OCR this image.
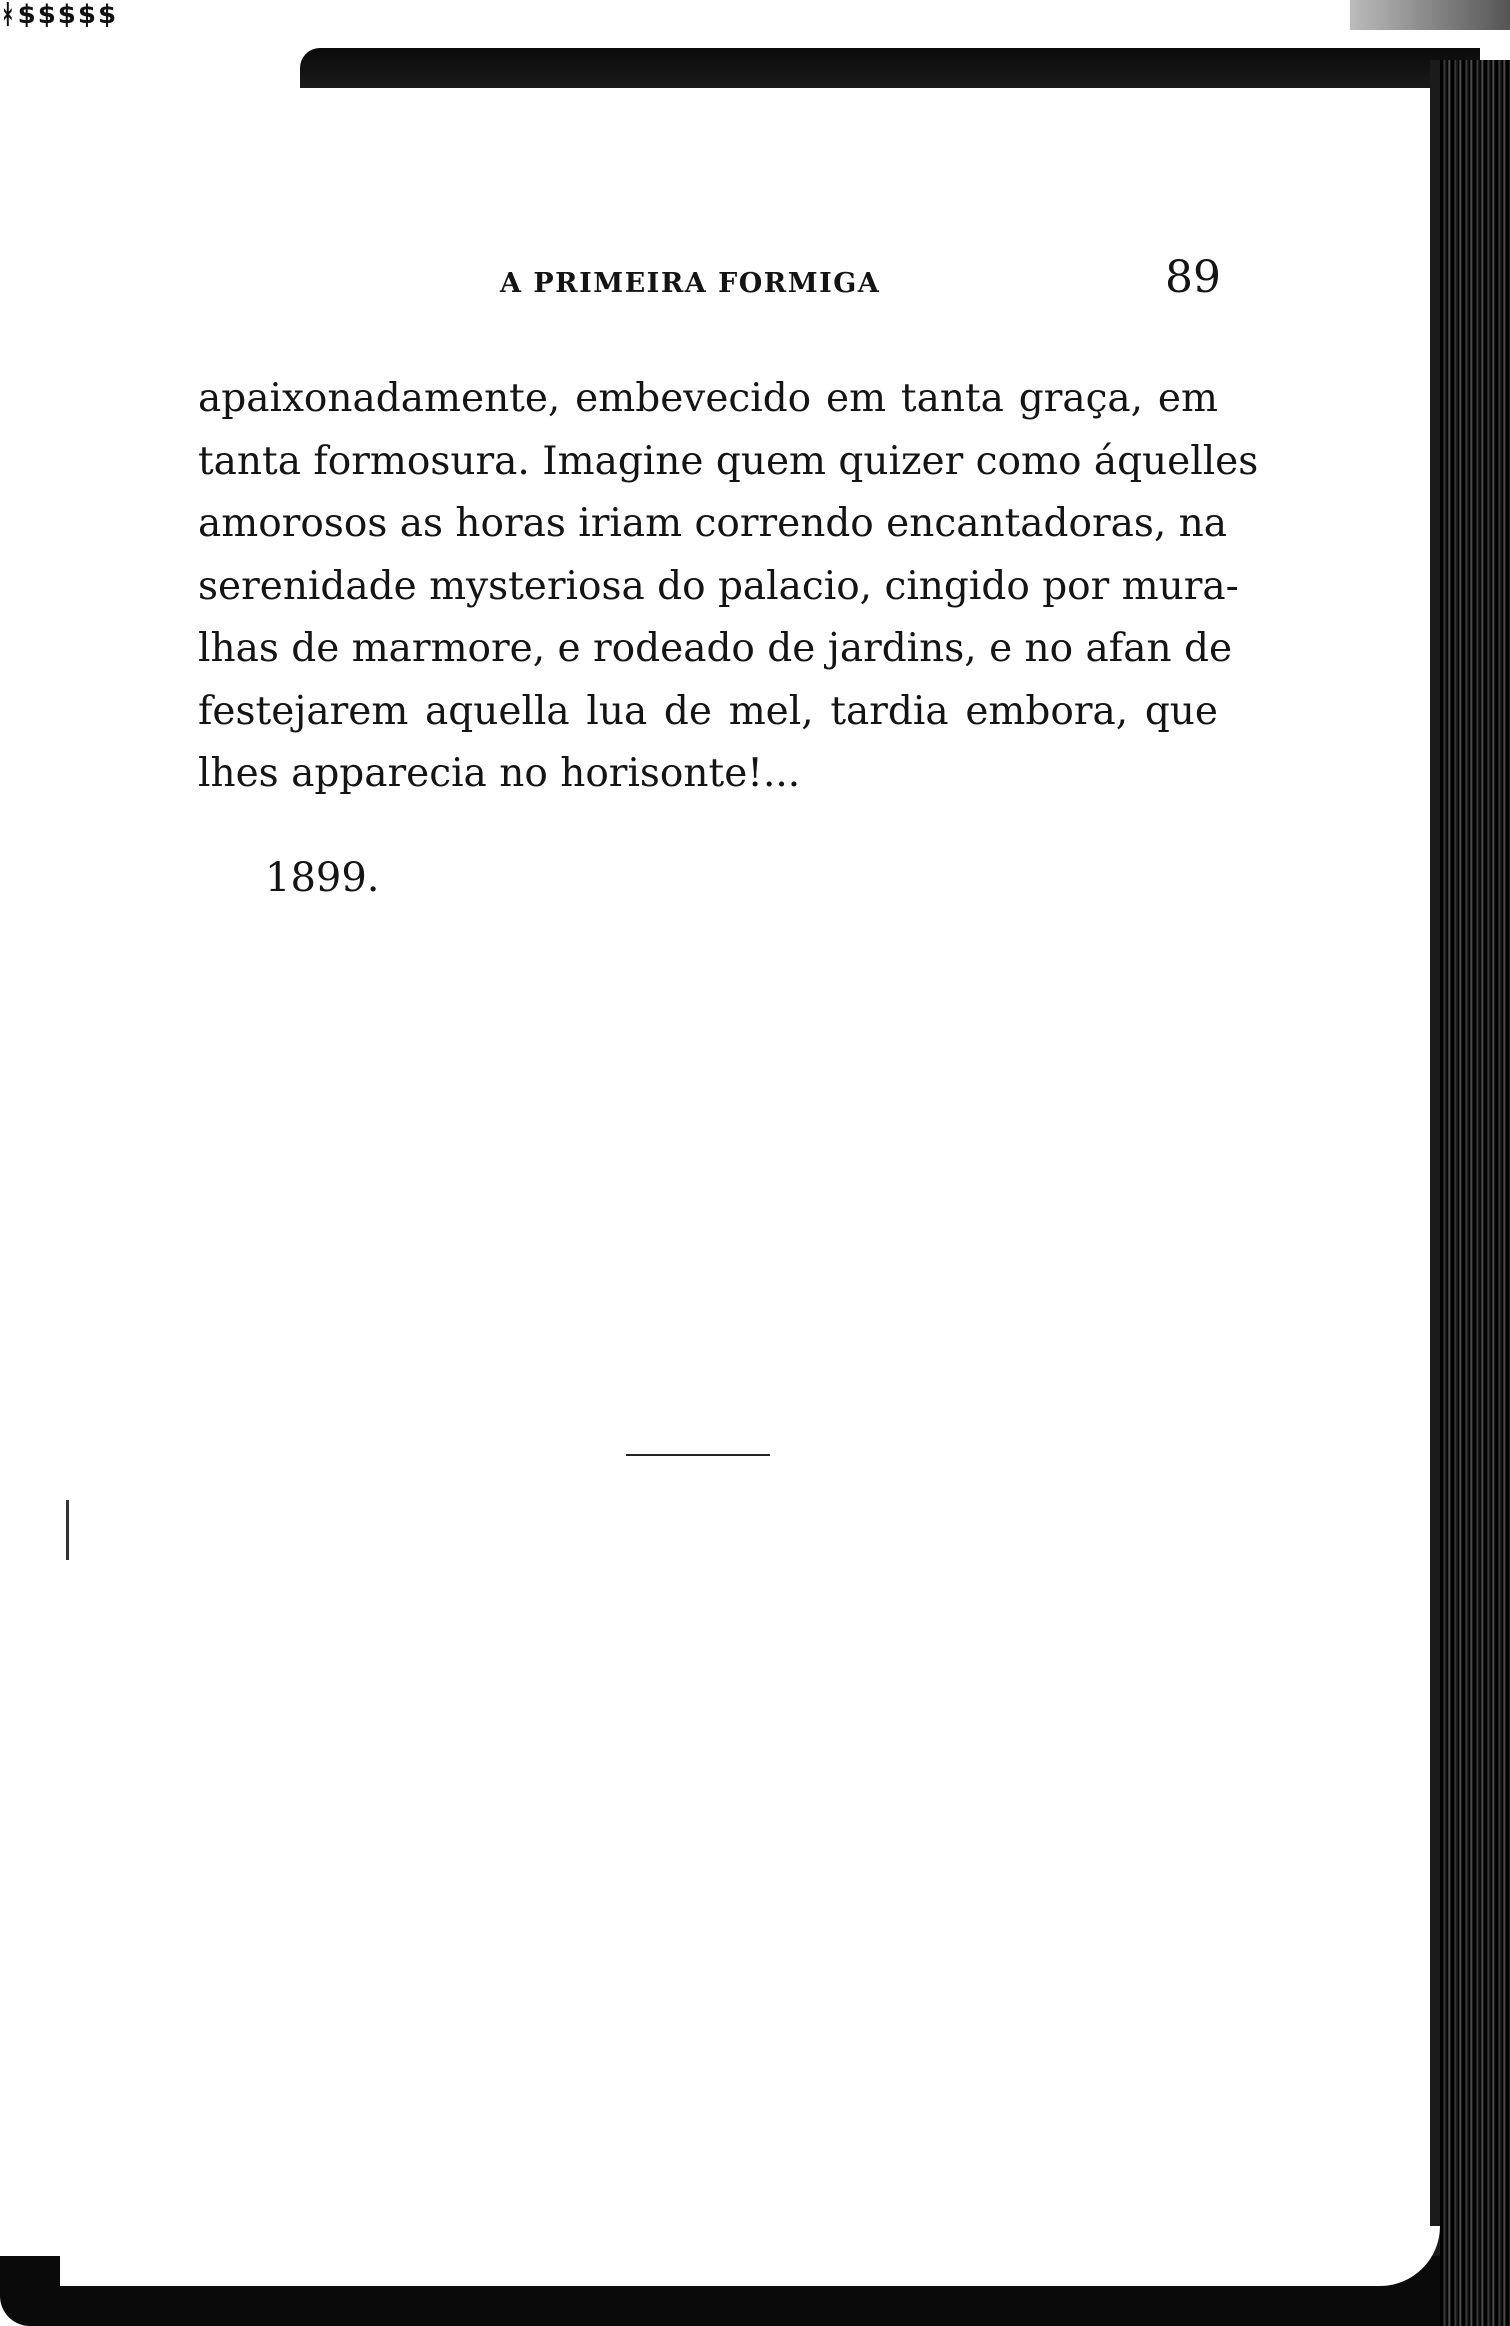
ᚼ$$$$$
A PRIMEIRA FORMIGA	89
apaixonadamente, embevecido em tanta graça, em
tanta formosura. Imagine quem quizer como áquelles
amorosos as horas iriam correndo encantadoras, na
serenidade mysteriosa do palacio, cingido por mura-
lhas de marmore, e rodeado de jardins, e no afan de
festejarem aquella lua de mel, tardia embora, que
lhes apparecia no horisonte!...
1899.
